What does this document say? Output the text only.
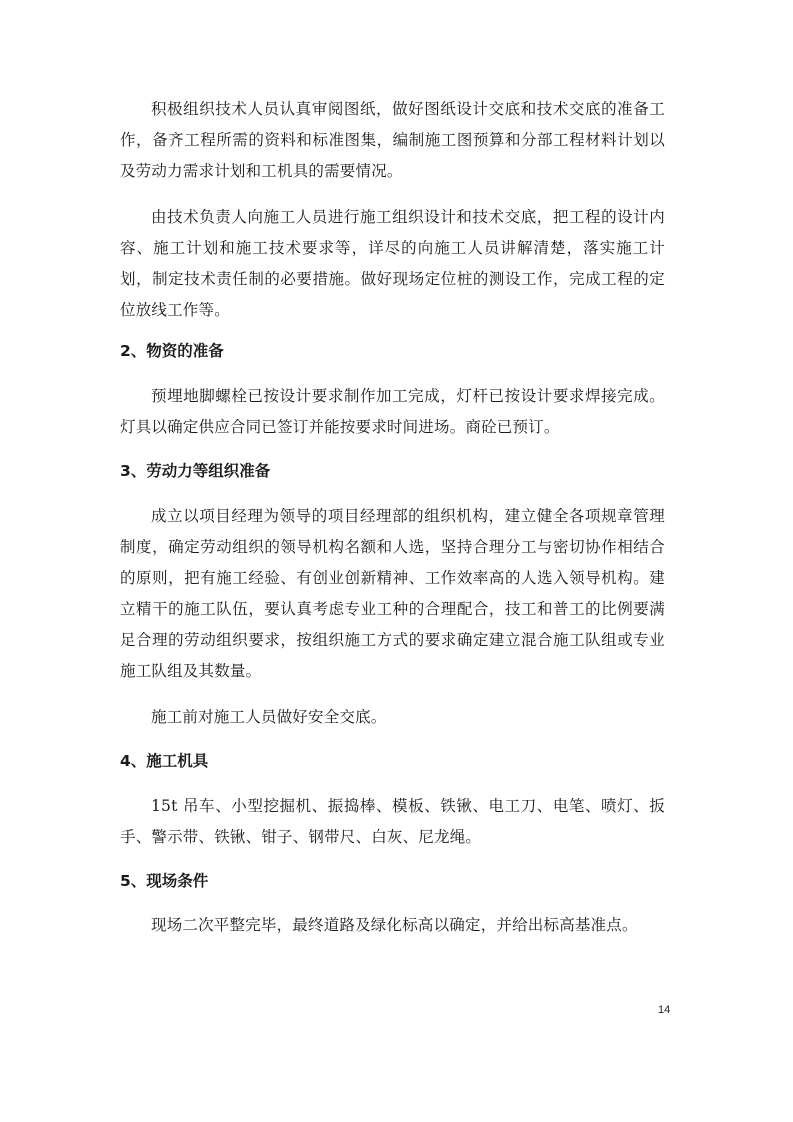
积极组织技术人员认真审阅图纸，做好图纸设计交底和技术交底的准备工作，备齐工程所需的资料和标准图集，编制施工图预算和分部工程材料计划以及劳动力需求计划和工机具的需要情况。

由技术负责人向施工人员进行施工组织设计和技术交底，把工程的设计内容、施工计划和施工技术要求等，详尽的向施工人员讲解清楚，落实施工计划，制定技术责任制的必要措施。做好现场定位桩的测设工作，完成工程的定位放线工作等。

2、物资的准备

预埋地脚螺栓已按设计要求制作加工完成，灯杆已按设计要求焊接完成。灯具以确定供应合同已签订并能按要求时间进场。商砼已预订。

3、劳动力等组织准备

成立以项目经理为领导的项目经理部的组织机构，建立健全各项规章管理制度，确定劳动组织的领导机构名额和人选，坚持合理分工与密切协作相结合的原则，把有施工经验、有创业创新精神、工作效率高的人选入领导机构。建立精干的施工队伍，要认真考虑专业工种的合理配合，技工和普工的比例要满足合理的劳动组织要求，按组织施工方式的要求确定建立混合施工队组或专业施工队组及其数量。

施工前对施工人员做好安全交底。

4、施工机具

15t 吊车、小型挖掘机、振捣棒、模板、铁锹、电工刀、电笔、喷灯、扳手、警示带、铁锹、钳子、钢带尺、白灰、尼龙绳。

5、现场条件

现场二次平整完毕，最终道路及绿化标高以确定，并给出标高基准点。

14
